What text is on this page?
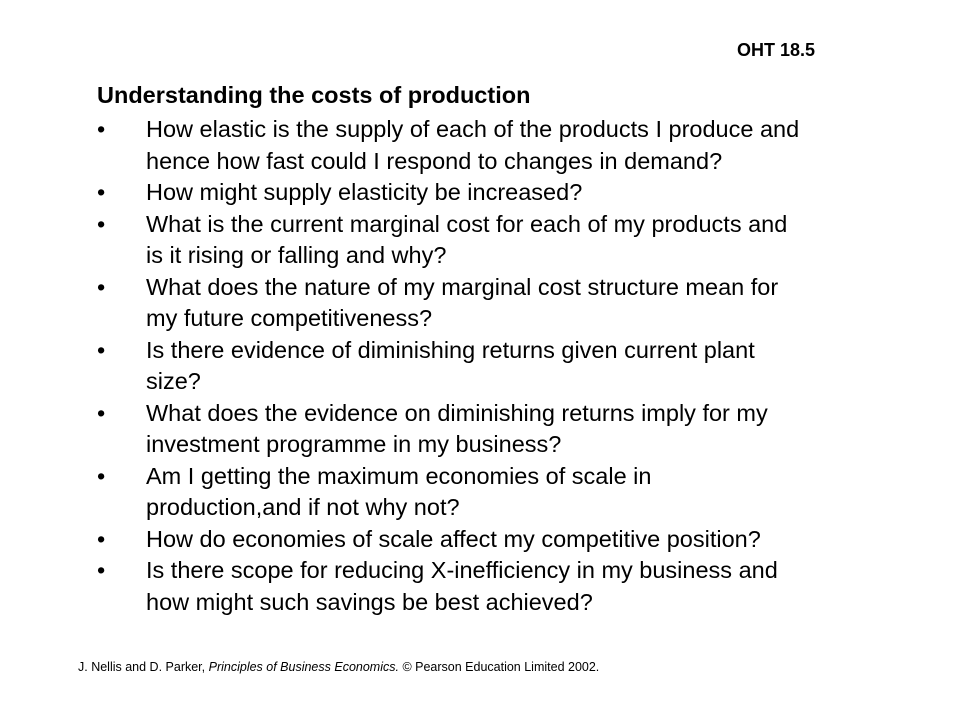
OHT 18.5
Understanding the costs of production
•	How elastic is the supply of each of the products I produce and
hence how fast could I respond to changes in demand?
•	How might supply elasticity be increased?
•	What is the current marginal cost for each of my products and
is it rising or falling and why?
•	What does the nature of my marginal cost structure mean for
my future competitiveness?
•	Is there evidence of diminishing returns given current plant
size?
•	What does the evidence on diminishing returns imply for my
investment programme in my business?
•	Am I getting the maximum economies of scale in
production,and if not why not?
•	How do economies of scale affect my competitive position?
•	Is there scope for reducing X-inefficiency in my business and
how might such savings be best achieved?
J. Nellis and D. Parker, Principles of Business Economics. © Pearson Education Limited 2002.
